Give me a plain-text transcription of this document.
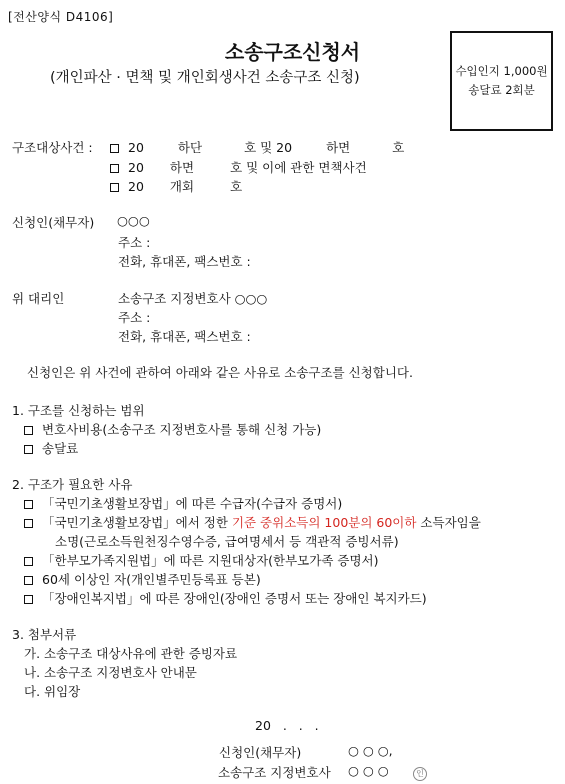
[전산양식 D4106]
소송구조신청서
(개인파산 · 면책 및 개인회생사건 소송구조 신청)	수입인지 1,000원
송달료 2회분
구조대상사건 :	20	하단	호 및 20	하면	호
20 하면	호 및 이에 관한 면책사건
20 개회	호
신청인(채무자) ○○○
주소 :
전화, 휴대폰, 팩스번호 :
위 대리인	소송구조 지정변호사 ○○○
주소 :
전화, 휴대폰, 팩스번호 :
신청인은 위 사건에 관하여 아래와 같은 사유로 소송구조를 신청합니다.
1. 구조를 신청하는 범위
변호사비용(소송구조 지정변호사를 통해 신청 가능)
송달료
2. 구조가 필요한 사유
「국민기초생활보장법」에 따른 수급자(수급자 증명서)
「국민기초생활보장법」에서 정한 기준 중위소득의 100분의 60이하 소득자임을
소명(근로소득원천징수영수증, 급여명세서 등 객관적 증빙서류)
「한부모가족지원법」에 따른 지원대상자(한부모가족 증명서)
60세 이상인 자(개인별주민등록표 등본)
「장애인복지법」에 따른 장애인(장애인 증명서 또는 장애인 복지카드)
3. 첨부서류
가. 소송구조 대상사유에 관한 증빙자료
나. 소송구조 지정변호사 안내문
다. 위임장
20   .   .   .
신청인(채무자)	○ ○ ○,
소송구조 지정변호사 ○ ○ ○	인
